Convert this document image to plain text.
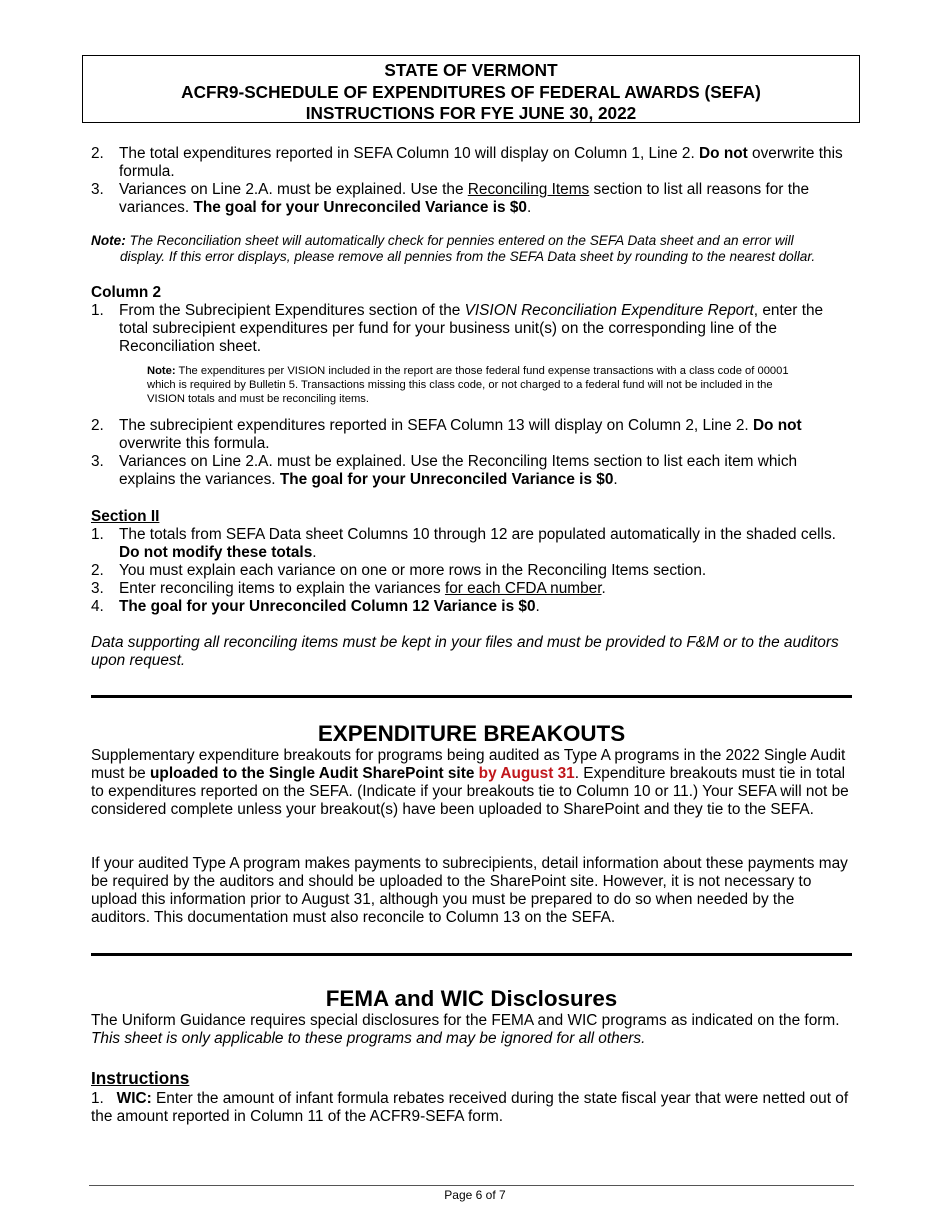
STATE OF VERMONT
ACFR9-SCHEDULE OF EXPENDITURES OF FEDERAL AWARDS (SEFA)
INSTRUCTIONS FOR FYE JUNE 30, 2022
2. The total expenditures reported in SEFA Column 10 will display on Column 1, Line 2. Do not overwrite this formula.
3. Variances on Line 2.A. must be explained. Use the Reconciling Items section to list all reasons for the variances. The goal for your Unreconciled Variance is $0.
Note: The Reconciliation sheet will automatically check for pennies entered on the SEFA Data sheet and an error will
display. If this error displays, please remove all pennies from the SEFA Data sheet by rounding to the nearest dollar.
Column 2
1. From the Subrecipient Expenditures section of the VISION Reconciliation Expenditure Report, enter the total subrecipient expenditures per fund for your business unit(s) on the corresponding line of the Reconciliation sheet.
Note: The expenditures per VISION included in the report are those federal fund expense transactions with a class code of 00001 which is required by Bulletin 5. Transactions missing this class code, or not charged to a federal fund will not be included in the VISION totals and must be reconciling items.
2. The subrecipient expenditures reported in SEFA Column 13 will display on Column 2, Line 2. Do not overwrite this formula.
3. Variances on Line 2.A. must be explained. Use the Reconciling Items section to list each item which explains the variances. The goal for your Unreconciled Variance is $0.
Section II
1. The totals from SEFA Data sheet Columns 10 through 12 are populated automatically in the shaded cells. Do not modify these totals.
2. You must explain each variance on one or more rows in the Reconciling Items section.
3. Enter reconciling items to explain the variances for each CFDA number.
4. The goal for your Unreconciled Column 12 Variance is $0.
Data supporting all reconciling items must be kept in your files and must be provided to F&M or to the auditors upon request.
EXPENDITURE BREAKOUTS
Supplementary expenditure breakouts for programs being audited as Type A programs in the 2022 Single Audit must be uploaded to the Single Audit SharePoint site by August 31. Expenditure breakouts must tie in total to expenditures reported on the SEFA. (Indicate if your breakouts tie to Column 10 or 11.) Your SEFA will not be considered complete unless your breakout(s) have been uploaded to SharePoint and they tie to the SEFA.
If your audited Type A program makes payments to subrecipients, detail information about these payments may be required by the auditors and should be uploaded to the SharePoint site. However, it is not necessary to upload this information prior to August 31, although you must be prepared to do so when needed by the auditors. This documentation must also reconcile to Column 13 on the SEFA.
FEMA and WIC Disclosures
The Uniform Guidance requires special disclosures for the FEMA and WIC programs as indicated on the form.
This sheet is only applicable to these programs and may be ignored for all others.
Instructions
1. WIC: Enter the amount of infant formula rebates received during the state fiscal year that were netted out of the amount reported in Column 11 of the ACFR9-SEFA form.
Page 6 of 7
